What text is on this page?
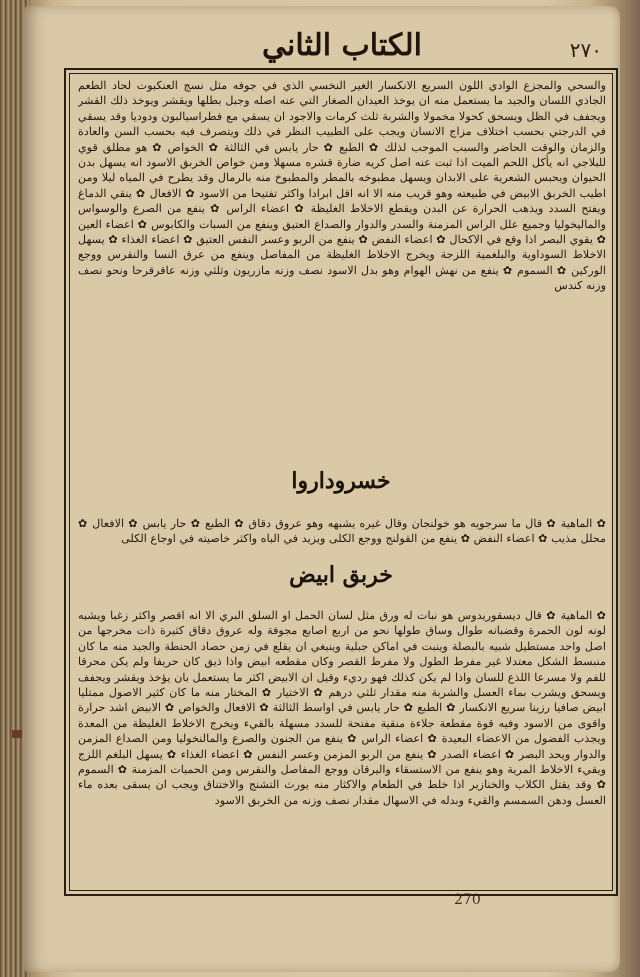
٢٧٠
الكتاب الثاني
والسحي والمجزع الوادي اللون السريع الانكسار الغير النخسي الذي في جوفه مثل نسج العنكبوت لحاد الطعم الجاذي اللسان والجيد ما يستعمل منه ان يوخذ العيدان الصغار التي عنه اصله وجبل بطلها ويقشر ويوخذ ذلك القشر ويجفف في الظل ويسحق كحولا مخمولا والشربة ثلث كرمات والاجود ان يسقي مع فطراسيالبون ودوديا وقد يسقي في الدرجتي بحسب اختلاف مزاج الانسان ويجب على الطبيب النظر في ذلك ويتصرف فيه بحسب السن والعادة والزمان والوقت الحاضر والسبب الموجب لذلك ✿ الطبع ✿ حار يابس في الثالثة ✿ الخواص ✿ هو مطلق قوي للبلاجي انه يأكل اللحم الميت اذا ثبت عنه اصل كريه ضارة قشره مسهلا ومن خواص الخربق الاسود انه يسهل بدن الحيوان ويحبس الشعرية على الابدان ويسهل مطبوخه بالمطر والمطبوخ منه بالرمال وقد يطرح في المياه ليلا ومن اطيب الخربق الابيض في طبيعته وهو قريب منه الا انه اقل ابرادا واكثر تفتيحا من الاسود ✿ الافعال ✿ ينقي الدماغ ويفتح السدد ويذهب الحرارة عن البدن ويقطع الاخلاط الغليظة ✿ اعضاء الراس ✿ ينفع من الصرع والوسواس والماليخوليا وجميع علل الراس المزمنة والسدر والدوار والصداع العتيق وينفع من السبات والكابوس ✿ اعضاء العين ✿ يقوي البصر اذا وقع في الاكحال ✿ اعضاء النفض ✿ ينفع من الربو وعسر النفس العتيق ✿ اعضاء الغذاء ✿ يسهل الاخلاط السوداوية والبلغمية اللزجة ويخرج الاخلاط الغليظة من المفاصل وينفع من عرق النسا والنقرس ووجع الوركين ✿ السموم ✿ ينفع من نهش الهوام وهو بدل الاسود نصف وزنه مازريون وثلثي وزنه عاقرقرحا ونحو نصف وزنه كندس
خسروداروا
✿ الماهية ✿ قال ما سرجويه هو خولنجان وقال غيره يشبهه وهو عروق دقاق ✿ الطبع ✿ حار يابس ✿ الافعال ✿ محلل مذيب ✿ اعضاء النفض ✿ ينفع من القولنج ووجع الكلى ويزيد في الباه واكثر خاصيته في اوجاع الكلى
خربق ابيض
✿ الماهية ✿ قال ديسقوريدوس هو نبات له ورق مثل لسان الحمل او السلق البري الا انه اقصر واكثر زغبا ويشبه لونه لون الحمرة وقضبانه طوال وساق طولها نحو من اربع اصابع مجوفة وله عروق دقاق كثيرة ذات مخرجها من اصل واحد مستطيل شبيه بالبصلة وينبت في اماكن جبلية وينبغي ان يقلع في زمن حصاد الحنطة والجيد منه ما كان منبسط الشكل معتدلا غير مفرط الطول ولا مفرط القصر وكان مقطعه ابيض واذا ذيق كان حريفا ولم يكن محرقا للفم ولا مسرعا اللذع للسان واذا لم يكن كذلك فهو رديء وقيل ان الابيض اكثر ما يستعمل بان يؤخذ ويقشر ويجفف ويسحق ويشرب بماء العسل والشربة منه مقدار ثلثي درهم ✿ الاختيار ✿ المختار منه ما كان كثير الاصول ممتليا ابيض صافيا رزينا سريع الانكسار ✿ الطبع ✿ حار يابس في اواسط الثالثة ✿ الافعال والخواص ✿ الابيض اشد حرارة واقوى من الاسود وفيه قوة مقطعة جلاءة منقية مفتحة للسدد مسهلة بالقيء ويخرج الاخلاط الغليظة من المعدة ويجذب الفضول من الاعضاء البعيدة ✿ اعضاء الراس ✿ ينفع من الجنون والصرع والمالنخوليا ومن الصداع المزمن والدوار ويحد البصر ✿ اعضاء الصدر ✿ ينفع من الربو المزمن وعسر النفس ✿ اعضاء الغذاء ✿ يسهل البلغم اللزج ويقيء الاخلاط المرية وهو ينفع من الاستسقاء واليرقان ووجع المفاصل والنقرس ومن الحميات المزمنة ✿ السموم ✿ وقد يقتل الكلاب والخنازير اذا خلط في الطعام والاكثار منه يورث التشنج والاختناق ويجب ان يسقى بعده ماء العسل ودهن السمسم والقيء وبدله في الاسهال مقدار نصف وزنه من الخربق الاسود
270
